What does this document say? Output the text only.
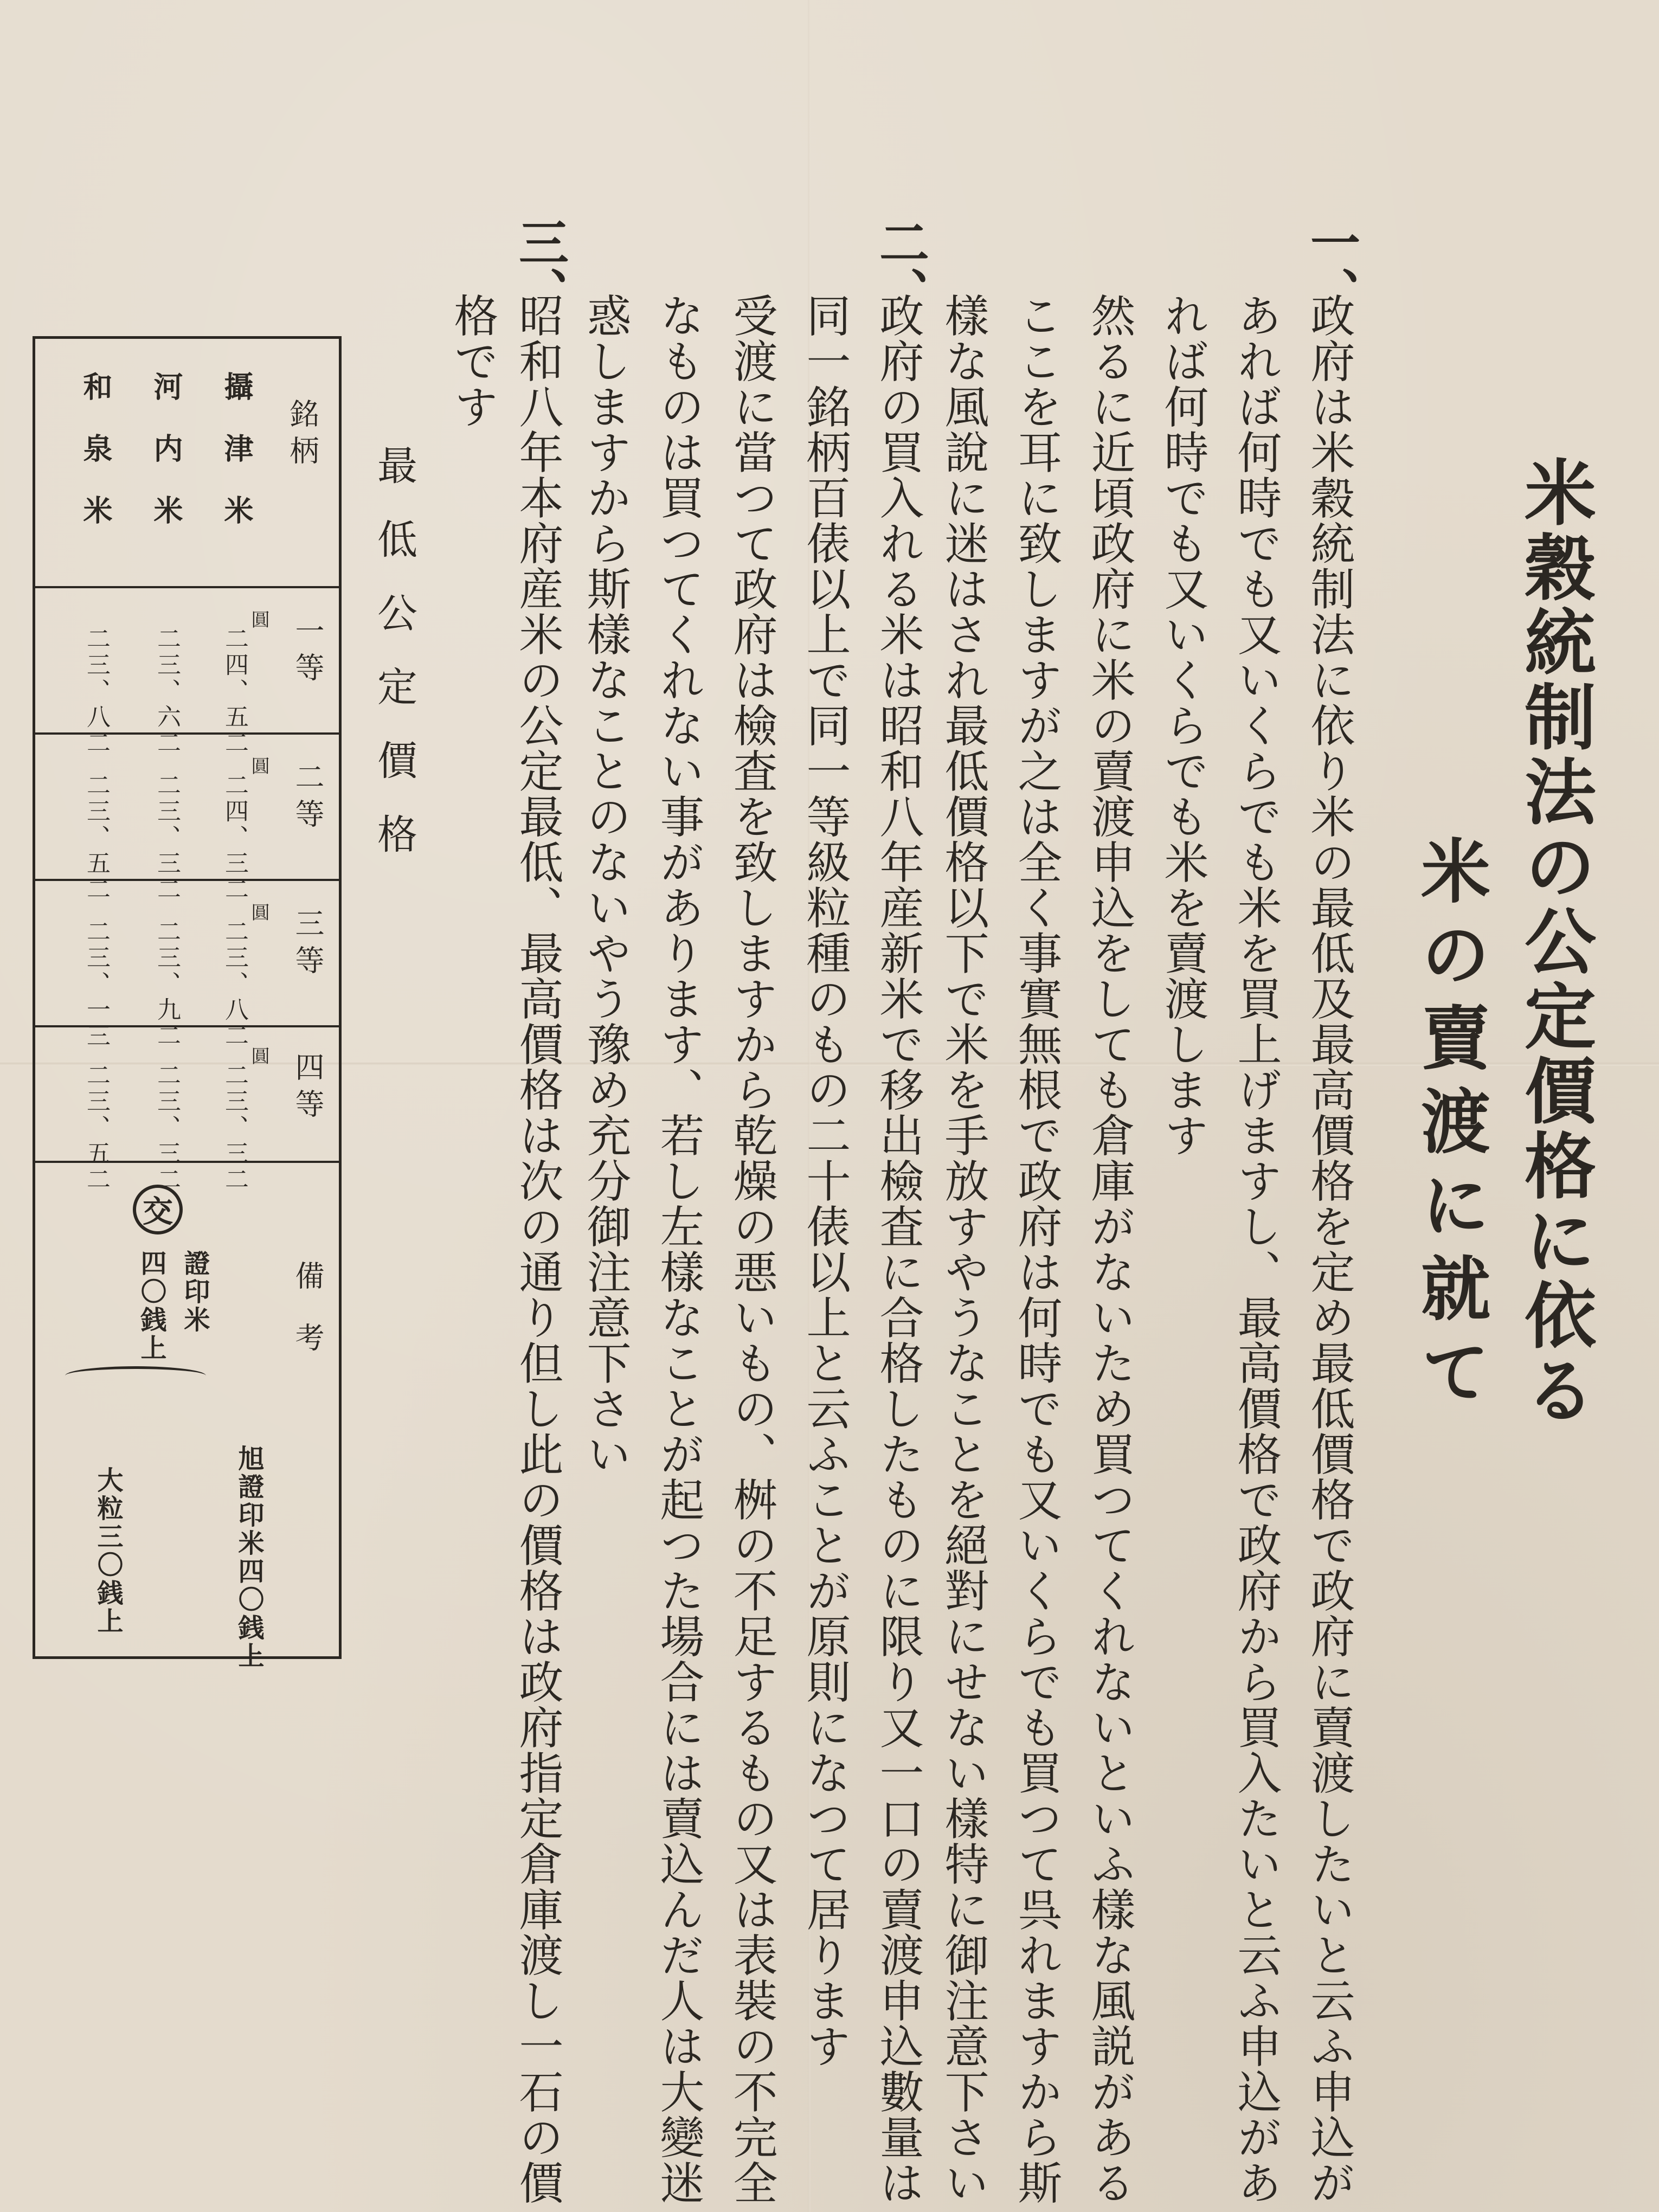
米穀統制法の公定價格に依る
米の賣渡に就て
一、
政府は米穀統制法に依り米の最低及最高價格を定め最低價格で政府に賣渡したいと云ふ申込が
あれば何時でも又いくらでも米を買上げますし、最高價格で政府から買入たいと云ふ申込があ
れば何時でも又いくらでも米を賣渡します
然るに近頃政府に米の賣渡申込をしても倉庫がないため買つてくれないといふ樣な風説がある
ここを耳に致しますが之は全く事實無根で政府は何時でも又いくらでも買つて呉れますから斯
樣な風說に迷はされ最低價格以下で米を手放すやうなことを絕對にせない樣特に御注意下さい
二、
政府の買入れる米は昭和八年産新米で移出檢査に合格したものに限り又一口の賣渡申込數量は
同一銘柄百俵以上で同一等級粒種のもの二十俵以上と云ふことが原則になつて居ります
受渡に當つて政府は檢査を致しますから乾燥の悪いもの、桝の不足するもの又は表裝の不完全
なものは買つてくれない事があります、若し左樣なことが起つた場合には賣込んだ人は大變迷
惑しますから斯樣なことのないやう豫め充分御注意下さい
三、
昭和八年本府産米の公定最低、最高價格は次の通り但し此の價格は政府指定倉庫渡し一石の價
格です
最低公定價格
銘柄
攝津米
河内米
和泉米
一等
圓
二四、五二
二三、六二
二三、八二
二等
圓
二四、三二
二三、三二
二三、五二
三等
圓
二三、八二
二三、九二
二三、一三
四等
圓
二三、三二
二三、三二
二三、五二
備考
交
證印米
四〇銭上
旭證印米四〇銭上
大粒三〇銭上
